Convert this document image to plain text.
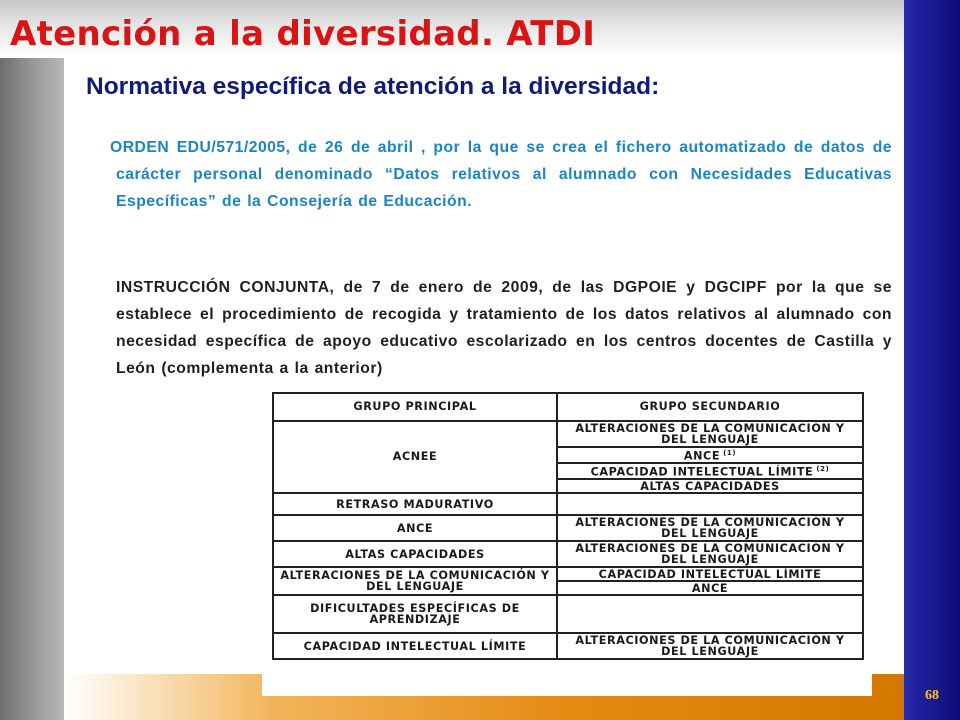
Atención a la diversidad. ATDI
Normativa específica de atención a la diversidad:

ORDEN EDU/571/2005, de 26 de abril , por la que se crea el fichero automatizado de datos de carácter personal denominado “Datos relativos al alumnado con Necesidades Educativas Específicas” de la Consejería de Educación.

INSTRUCCIÓN CONJUNTA, de 7 de enero de 2009, de las DGPOIE y DGCIPF por la que se establece el procedimiento de recogida y tratamiento de los datos relativos al alumnado con necesidad específica de apoyo educativo escolarizado en los centros docentes de Castilla y León (complementa a la anterior)

GRUPO PRINCIPAL	GRUPO SECUNDARIO
ACNEE	ALTERACIONES DE LA COMUNICACIÓN Y DEL LENGUAJE
	ANCE $^{(1)}$
	CAPACIDAD INTELECTUAL LÍMITE $^{(2)}$
	ALTAS CAPACIDADES
RETRASO MADURATIVO	
ANCE	ALTERACIONES DE LA COMUNICACIÓN Y DEL LENGUAJE
ALTAS CAPACIDADES	ALTERACIONES DE LA COMUNICACIÓN Y DEL LENGUAJE
ALTERACIONES DE LA COMUNICACIÓN Y DEL LENGUAJE	CAPACIDAD INTELECTUAL LÍMITE
	ANCE
DIFICULTADES ESPECÍFICAS DE APRENDIZAJE	
CAPACIDAD INTELECTUAL LÍMITE	ALTERACIONES DE LA COMUNICACIÓN Y DEL LENGUAJE
68
